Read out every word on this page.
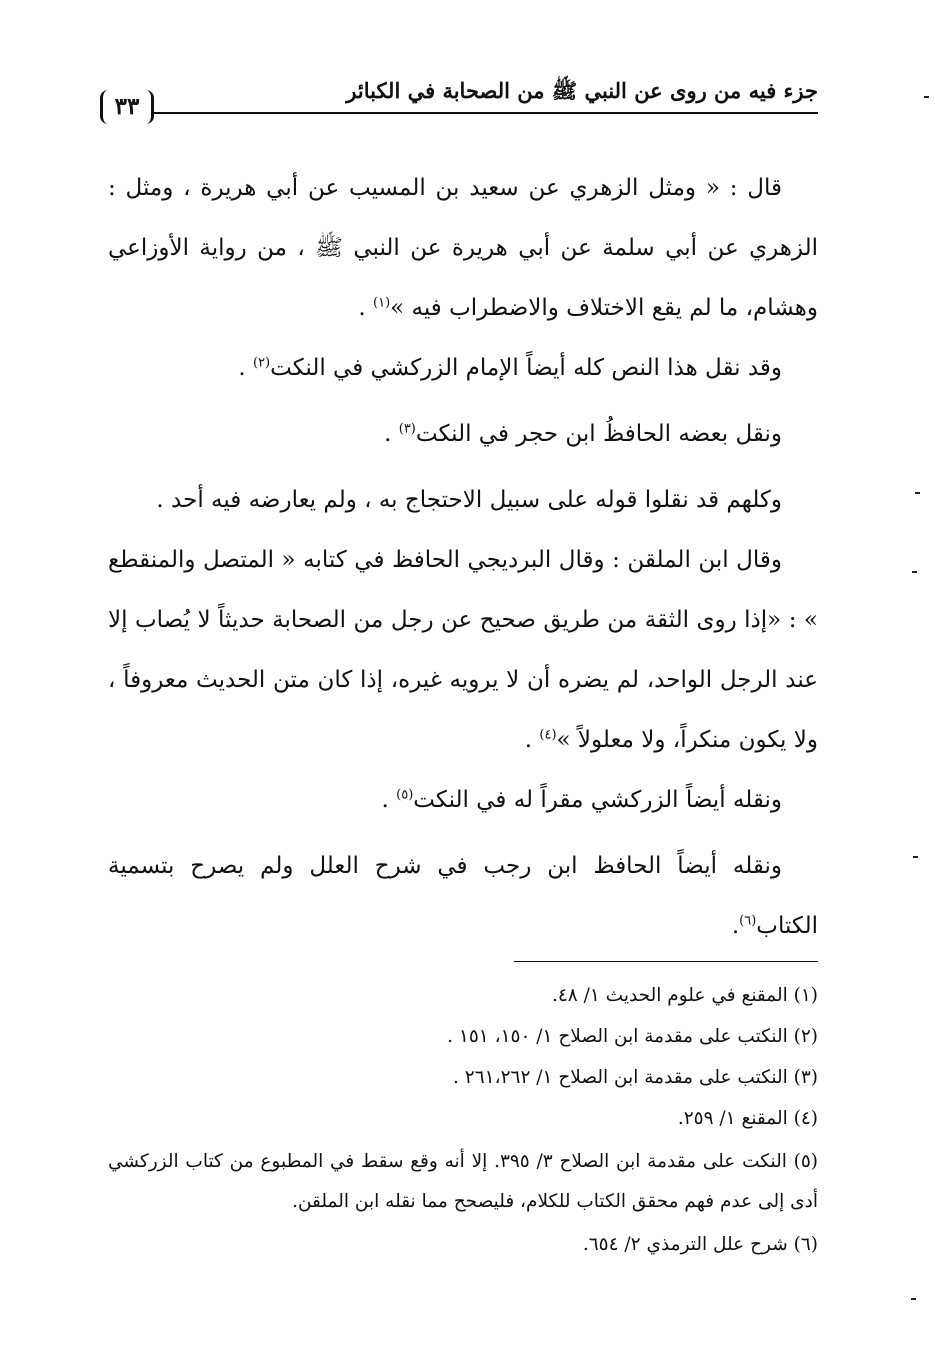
جزء فيه من روى عن النبي ﷺ من الصحابة في الكبائر
٣٣

قال : « ومثل الزهري عن سعيد بن المسيب عن أبي هريرة ، ومثل : الزهري عن أبي سلمة عن أبي هريرة عن النبي ﷺ ، من رواية الأوزاعي وهشام، ما لم يقع الاختلاف والاضطراب فيه »$^{(١)}$ .

وقد نقل هذا النص كله أيضاً الإمام الزركشي في النكت$^{(٢)}$ .

ونقل بعضه الحافظُ ابن حجر في النكت$^{(٣)}$ .

وكلهم قد نقلوا قوله على سبيل الاحتجاج به ، ولم يعارضه فيه أحد .

وقال ابن الملقن : وقال البرديجي الحافظ في كتابه « المتصل والمنقطع » : «إذا روى الثقة من طريق صحيح عن رجل من الصحابة حديثاً لا يُصاب إلا عند الرجل الواحد، لم يضره أن لا يرويه غيره، إذا كان متن الحديث معروفاً ، ولا يكون منكراً، ولا معلولاً »$^{(٤)}$ .

ونقله أيضاً الزركشي مقراً له في النكت$^{(٥)}$ .

ونقله أيضاً الحافظ ابن رجب في شرح العلل ولم يصرح بتسمية الكتاب$^{(٦)}$.

(١) المقنع في علوم الحديث ١/ ٤٨.

(٢) النكتب على مقدمة ابن الصلاح ١/ ١٥٠، ١٥١ .

(٣) النكتب على مقدمة ابن الصلاح ١/ ٢٦١،٢٦٢ .

(٤) المقنع ١/ ٢٥٩.

(٥) النكت على مقدمة ابن الصلاح ٣/ ٣٩٥. إلا أنه وقع سقط في المطبوع من كتاب الزركشي أدى إلى عدم فهم محقق الكتاب للكلام، فليصحح مما نقله ابن الملقن.

(٦) شرح علل الترمذي ٢/ ٦٥٤.
